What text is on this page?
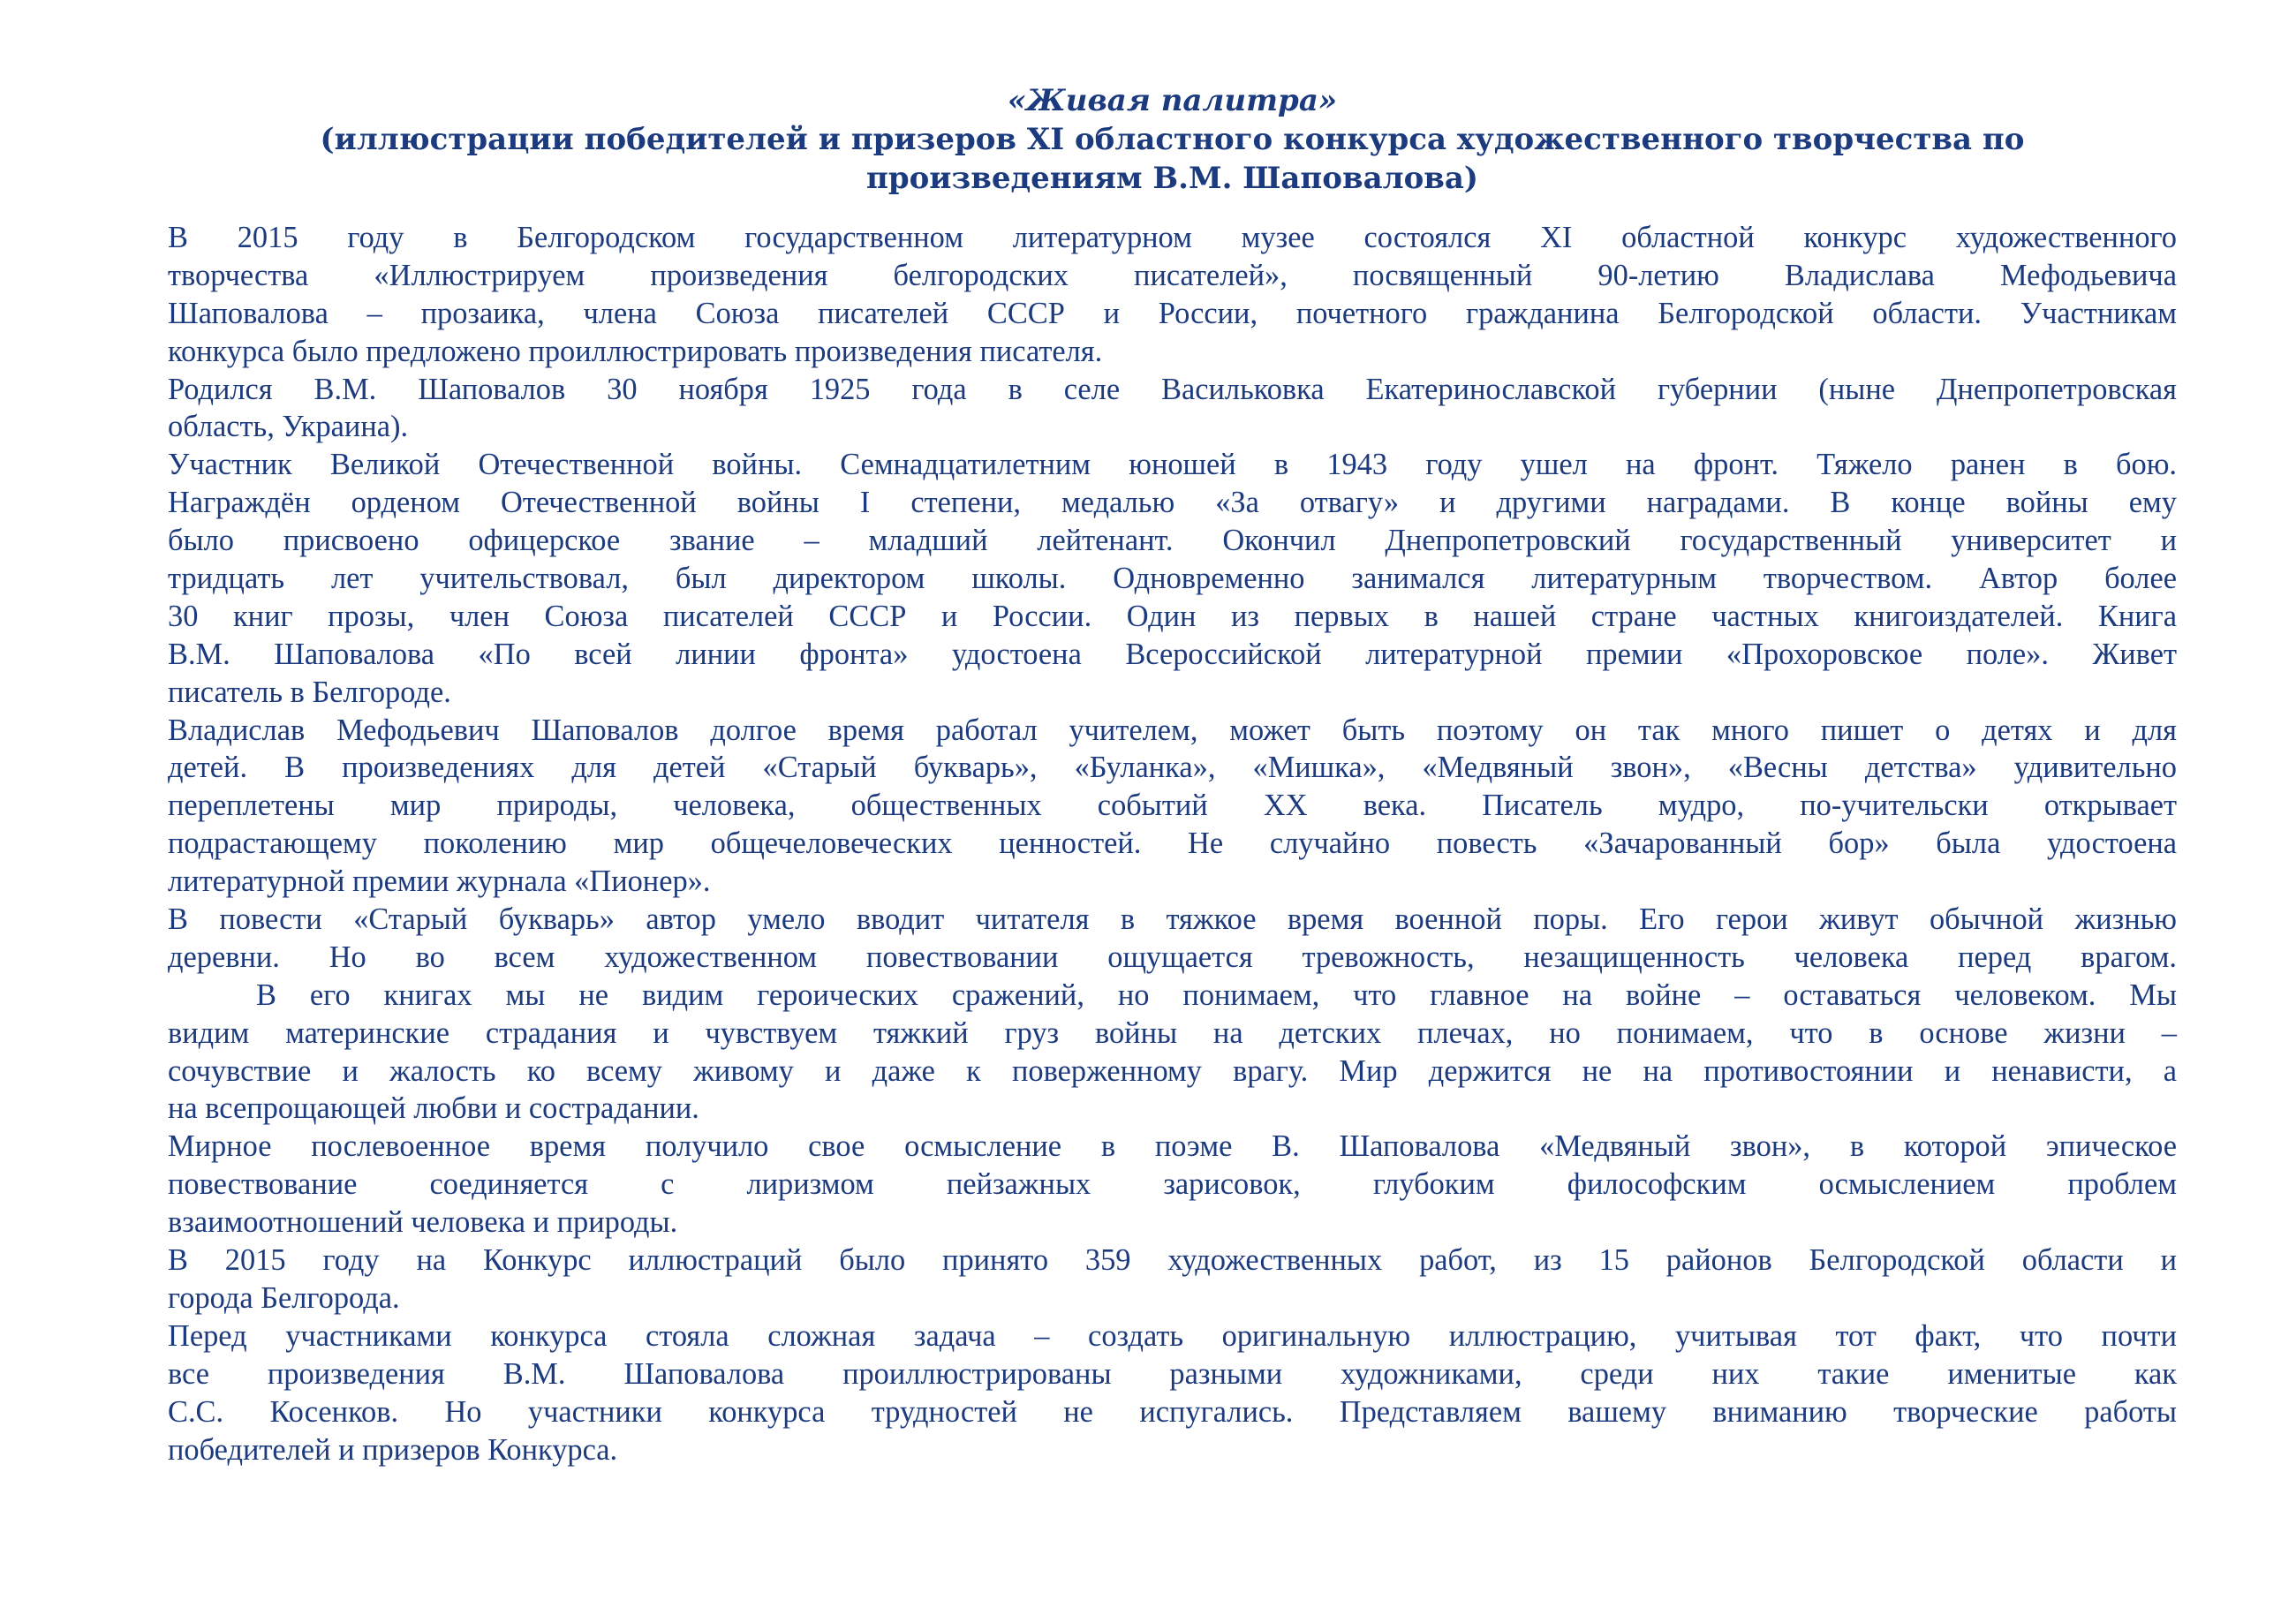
«Живая палитра»
(иллюстрации победителей и призеров XI областного конкурса художественного творчества по
произведениям В.М. Шаповалова)
В 2015 году в Белгородском государственном литературном музее состоялся XI областной конкурс художественного
творчества «Иллюстрируем произведения белгородских писателей», посвященный 90-летию Владислава Мефодьевича
Шаповалова – прозаика, члена Союза писателей СССР и России, почетного гражданина Белгородской области. Участникам
конкурса было предложено проиллюстрировать произведения писателя.
Родился В.М. Шаповалов 30 ноября 1925 года в селе Васильковка Екатеринославской губернии (ныне Днепропетровская
область, Украина).
Участник Великой Отечественной войны. Семнадцатилетним юношей в 1943 году ушел на фронт. Тяжело ранен в бою.
Награждён орденом Отечественной войны I степени, медалью «За отвагу» и другими наградами. В конце войны ему
было присвоено офицерское звание – младший лейтенант. Окончил Днепропетровский государственный университет и
тридцать лет учительствовал, был директором школы. Одновременно занимался литературным творчеством. Автор более
30 книг прозы, член Союза писателей СССР и России. Один из первых в нашей стране частных книгоиздателей. Книга
В.М. Шаповалова «По всей линии фронта» удостоена Всероссийской литературной премии «Прохоровское поле». Живет
писатель в Белгороде.
Владислав Мефодьевич Шаповалов долгое время работал учителем, может быть поэтому он так много пишет о детях и для
детей. В произведениях для детей «Старый букварь», «Буланка», «Мишка», «Медвяный звон», «Весны детства» удивительно
переплетены мир природы, человека, общественных событий XX века. Писатель мудро, по-учительски открывает
подрастающему поколению мир общечеловеческих ценностей. Не случайно повесть «Зачарованный бор» была удостоена
литературной премии журнала «Пионер».
В повести «Старый букварь» автор умело вводит читателя в тяжкое время военной поры. Его герои живут обычной жизнью
деревни. Но во всем художественном повествовании ощущается тревожность, незащищенность человека перед врагом.
В его книгах мы не видим героических сражений, но понимаем, что главное на войне – оставаться человеком. Мы
видим материнские страдания и чувствуем тяжкий груз войны на детских плечах, но понимаем, что в основе жизни –
сочувствие и жалость ко всему живому и даже к поверженному врагу. Мир держится не на противостоянии и ненависти, а
на всепрощающей любви и сострадании.
Мирное послевоенное время получило свое осмысление в поэме В. Шаповалова «Медвяный звон», в которой эпическое
повествование соединяется с лиризмом пейзажных зарисовок, глубоким философским осмыслением проблем
взаимоотношений человека и природы.
В 2015 году на Конкурс иллюстраций было принято 359 художественных работ, из 15 районов Белгородской области и
города Белгорода.
Перед участниками конкурса стояла сложная задача – создать оригинальную иллюстрацию, учитывая тот факт, что почти
все произведения В.М. Шаповалова проиллюстрированы разными художниками, среди них такие именитые как
С.С. Косенков. Но участники конкурса трудностей не испугались. Представляем вашему вниманию творческие работы
победителей и призеров Конкурса.
